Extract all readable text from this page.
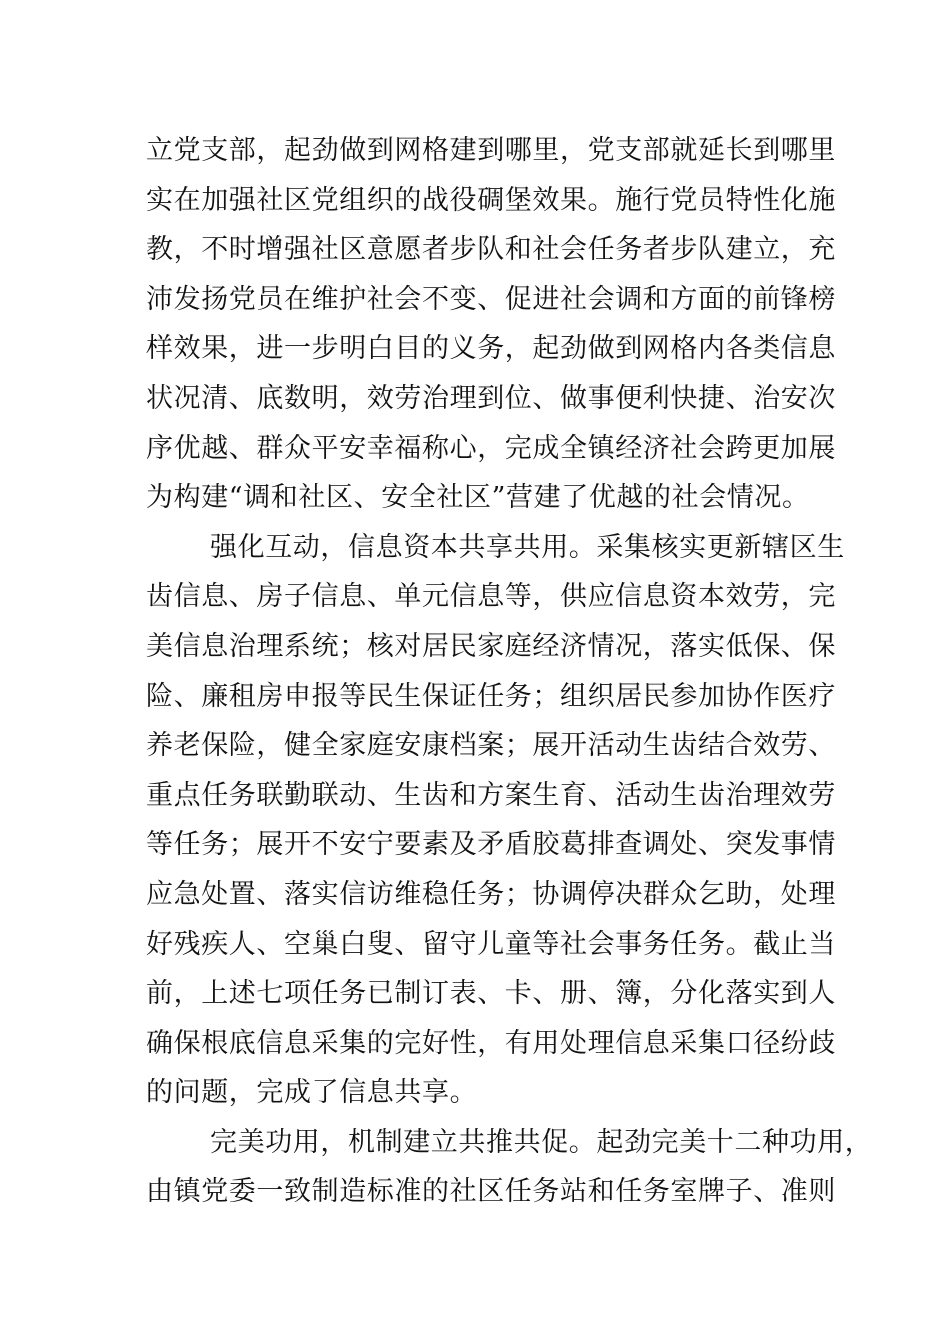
立党支部，起劲做到网格建到哪里，党支部就延长到哪里
实在加强社区党组织的战役碉堡效果。施行党员特性化施
教，不时增强社区意愿者步队和社会任务者步队建立，充
沛发扬党员在维护社会不变、促进社会调和方面的前锋榜
样效果，进一步明白目的义务，起劲做到网格内各类信息
状况清、底数明，效劳治理到位、做事便利快捷、治安次
序优越、群众平安幸福称心，完成全镇经济社会跨更加展
为构建“调和社区、安全社区”营建了优越的社会情况。
强化互动，信息资本共享共用。采集核实更新辖区生
齿信息、房子信息、单元信息等，供应信息资本效劳，完
美信息治理系统；核对居民家庭经济情况，落实低保、保
险、廉租房申报等民生保证任务；组织居民参加协作医疗
养老保险，健全家庭安康档案；展开活动生齿结合效劳、
重点任务联勤联动、生齿和方案生育、活动生齿治理效劳
等任务；展开不安宁要素及矛盾胶葛排查调处、突发事情
应急处置、落实信访维稳任务；协调停决群众乞助，处理
好残疾人、空巢白叟、留守儿童等社会事务任务。截止当
前，上述七项任务已制订表、卡、册、簿，分化落实到人
确保根底信息采集的完好性，有用处理信息采集口径纷歧
的问题，完成了信息共享。
完美功用，机制建立共推共促。起劲完美十二种功用，
由镇党委一致制造标准的社区任务站和任务室牌子、准则
